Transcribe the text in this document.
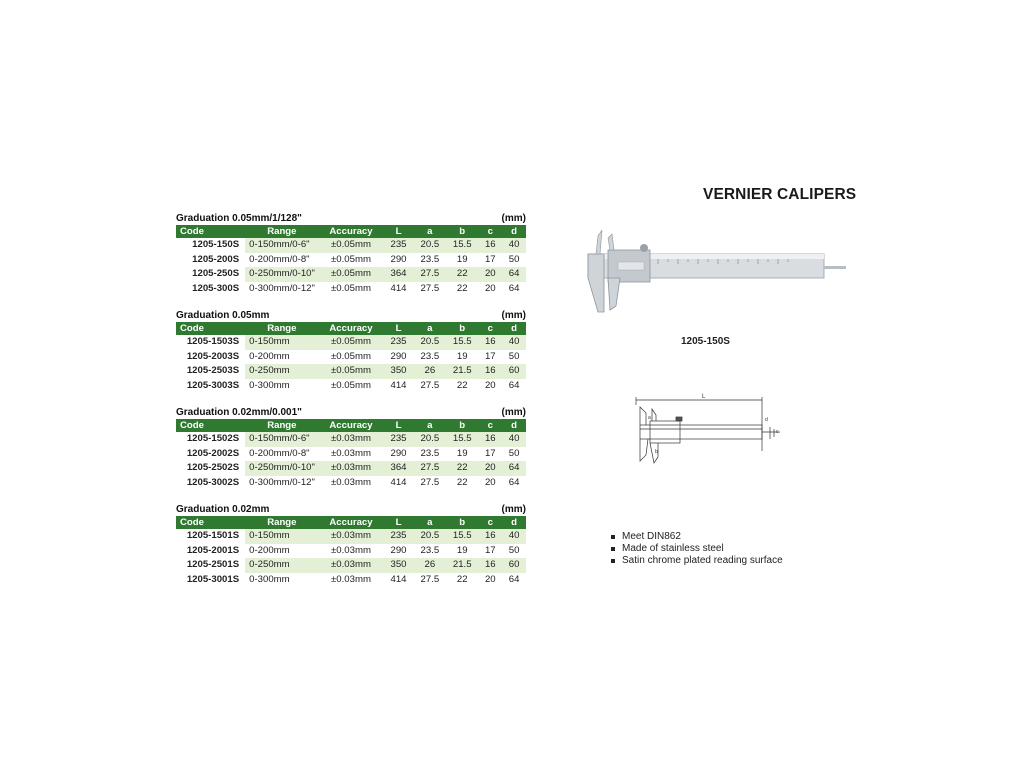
VERNIER CALIPERS
Graduation 0.05mm/1/128"	(mm)
Code	Range	Accuracy	L	a	b	c	d
1205-150S	0-150mm/0-6"	±0.05mm	235	20.5	15.5	16	40
1205-200S	0-200mm/0-8"	±0.05mm	290	23.5	19	17	50
1205-250S	0-250mm/0-10"	±0.05mm	364	27.5	22	20	64
1205-300S	0-300mm/0-12"	±0.05mm	414	27.5	22	20	64
Graduation 0.05mm	(mm)
Code	Range	Accuracy	L	a	b	c	d
1205-1503S	0-150mm	±0.05mm	235	20.5	15.5	16	40
1205-2003S	0-200mm	±0.05mm	290	23.5	19	17	50
1205-2503S	0-250mm	±0.05mm	350	26	21.5	16	60
1205-3003S	0-300mm	±0.05mm	414	27.5	22	20	64
Graduation 0.02mm/0.001"	(mm)
Code	Range	Accuracy	L	a	b	c	d
1205-1502S	0-150mm/0-6"	±0.03mm	235	20.5	15.5	16	40
1205-2002S	0-200mm/0-8"	±0.03mm	290	23.5	19	17	50
1205-2502S	0-250mm/0-10"	±0.03mm	364	27.5	22	20	64
1205-3002S	0-300mm/0-12"	±0.03mm	414	27.5	22	20	64
Graduation 0.02mm	(mm)
Code	Range	Accuracy	L	a	b	c	d
1205-1501S	0-150mm	±0.03mm	235	20.5	15.5	16	40
1205-2001S	0-200mm	±0.03mm	290	23.5	19	17	50
1205-2501S	0-250mm	±0.03mm	350	26	21.5	16	60
1205-3001S	0-300mm	±0.03mm	414	27.5	22	20	64
1205-150S
L
b
c
a	d
Meet DIN862
Made of stainless steel
Satin chrome plated reading surface
